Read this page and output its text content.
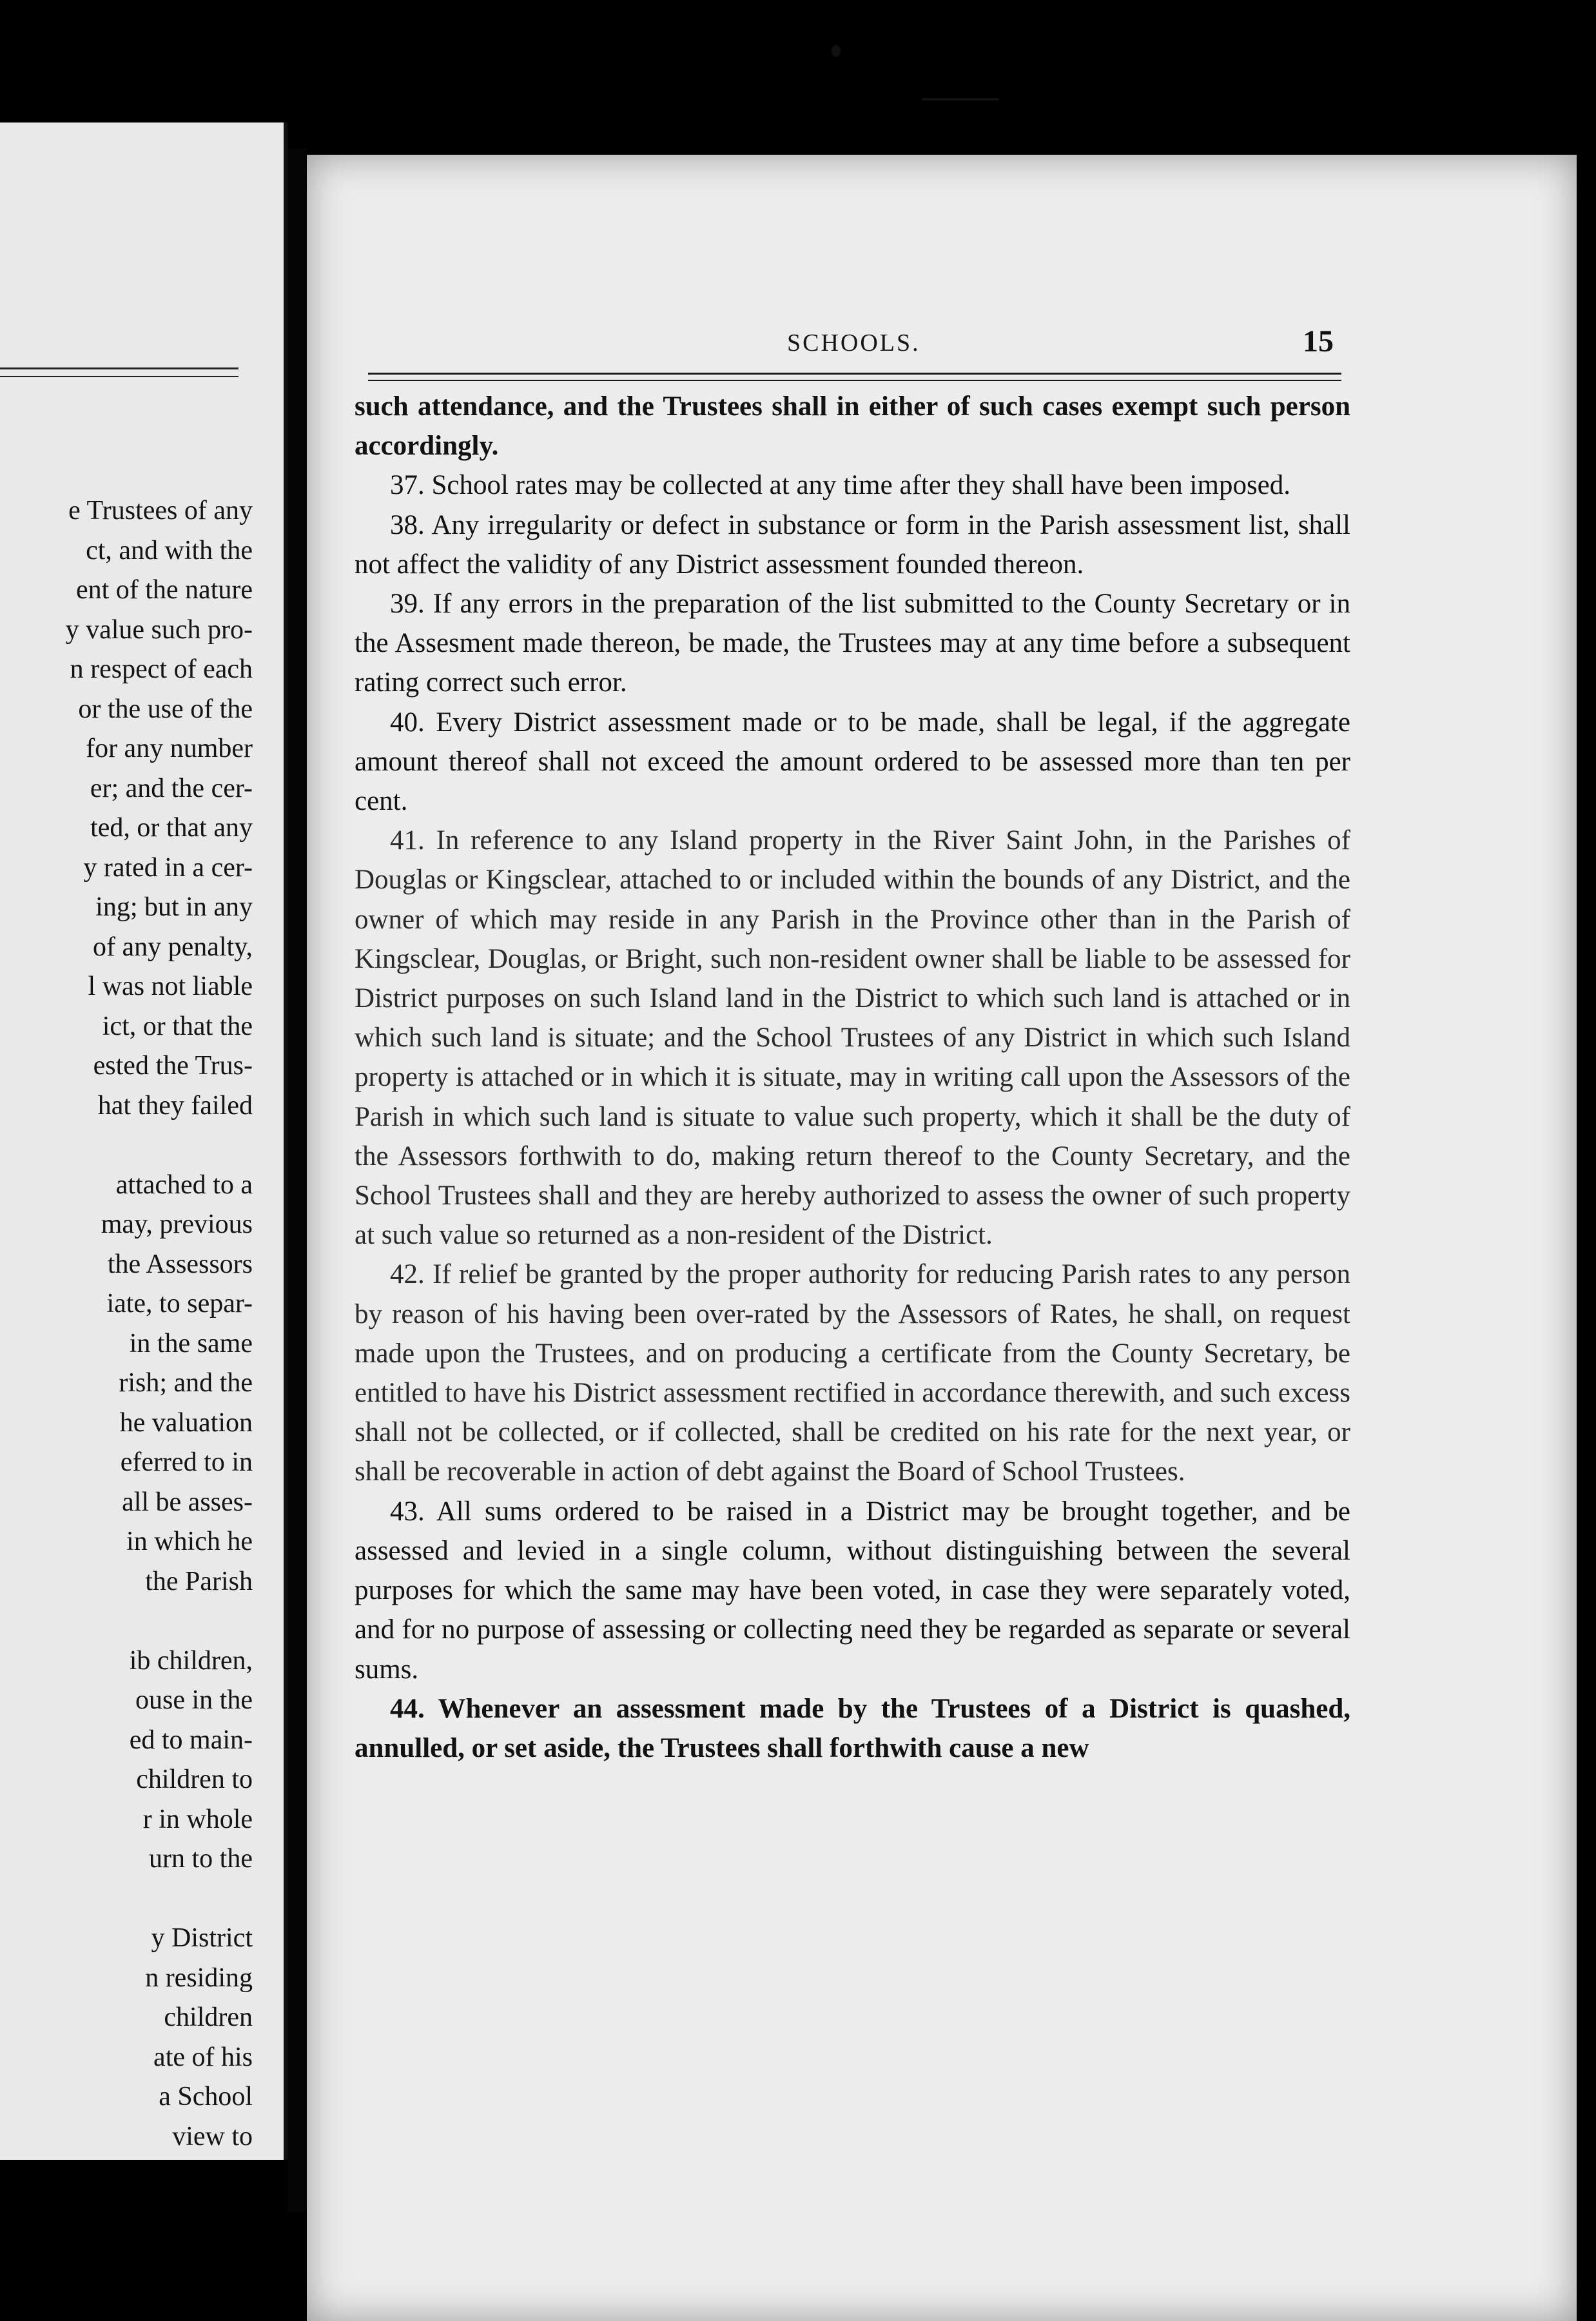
e Trustees of any
ct, and with the
ent of the nature
y value such pro-
n respect of each
or the use of the
for any number
er; and the cer-
ted, or that any
y rated in a cer-
ing; but in any
of any penalty,
l was not liable
ict, or that the
ested the Trus-
hat they failed
attached to a
may, previous
the Assessors
iate, to separ-
in the same
rish; and the
he valuation
eferred to in
all be asses-
in which he
the Parish
ib children,
ouse in the
ed to main-
children to
r in whole
urn to the
y District
n residing
children
ate of his
a School
view to
SCHOOLS.	15

such attendance, and the Trustees shall in either of such cases exempt such person accordingly.

37. School rates may be collected at any time after they shall have been imposed.

38. Any irregularity or defect in substance or form in the Parish assessment list, shall not affect the validity of any District assessment founded thereon.

39. If any errors in the preparation of the list submitted to the County Secretary or in the Assesment made thereon, be made, the Trustees may at any time before a subsequent rating correct such error.

40. Every District assessment made or to be made, shall be legal, if the aggregate amount thereof shall not exceed the amount ordered to be assessed more than ten per cent.

41. In reference to any Island property in the River Saint John, in the Parishes of Douglas or Kingsclear, attached to or included within the bounds of any District, and the owner of which may reside in any Parish in the Province other than in the Parish of Kingsclear, Douglas, or Bright, such non-resident owner shall be liable to be assessed for District purposes on such Island land in the District to which such land is attached or in which such land is situate; and the School Trustees of any District in which such Island property is attached or in which it is situate, may in writing call upon the Assessors of the Parish in which such land is situate to value such property, which it shall be the duty of the Assessors forthwith to do, making return thereof to the County Secretary, and the School Trustees shall and they are hereby authorized to assess the owner of such property at such value so returned as a non-resident of the District.

42. If relief be granted by the proper authority for reducing Parish rates to any person by reason of his having been over-rated by the Assessors of Rates, he shall, on request made upon the Trustees, and on producing a certificate from the County Secretary, be entitled to have his District assessment rectified in accordance therewith, and such excess shall not be collected, or if collected, shall be credited on his rate for the next year, or shall be recoverable in action of debt against the Board of School Trustees.

43. All sums ordered to be raised in a District may be brought together, and be assessed and levied in a single column, without distinguishing between the several purposes for which the same may have been voted, in case they were separately voted, and for no purpose of assessing or collecting need they be regarded as separate or several sums.

44. Whenever an assessment made by the Trustees of a District is quashed, annulled, or set aside, the Trustees shall forthwith cause a new
